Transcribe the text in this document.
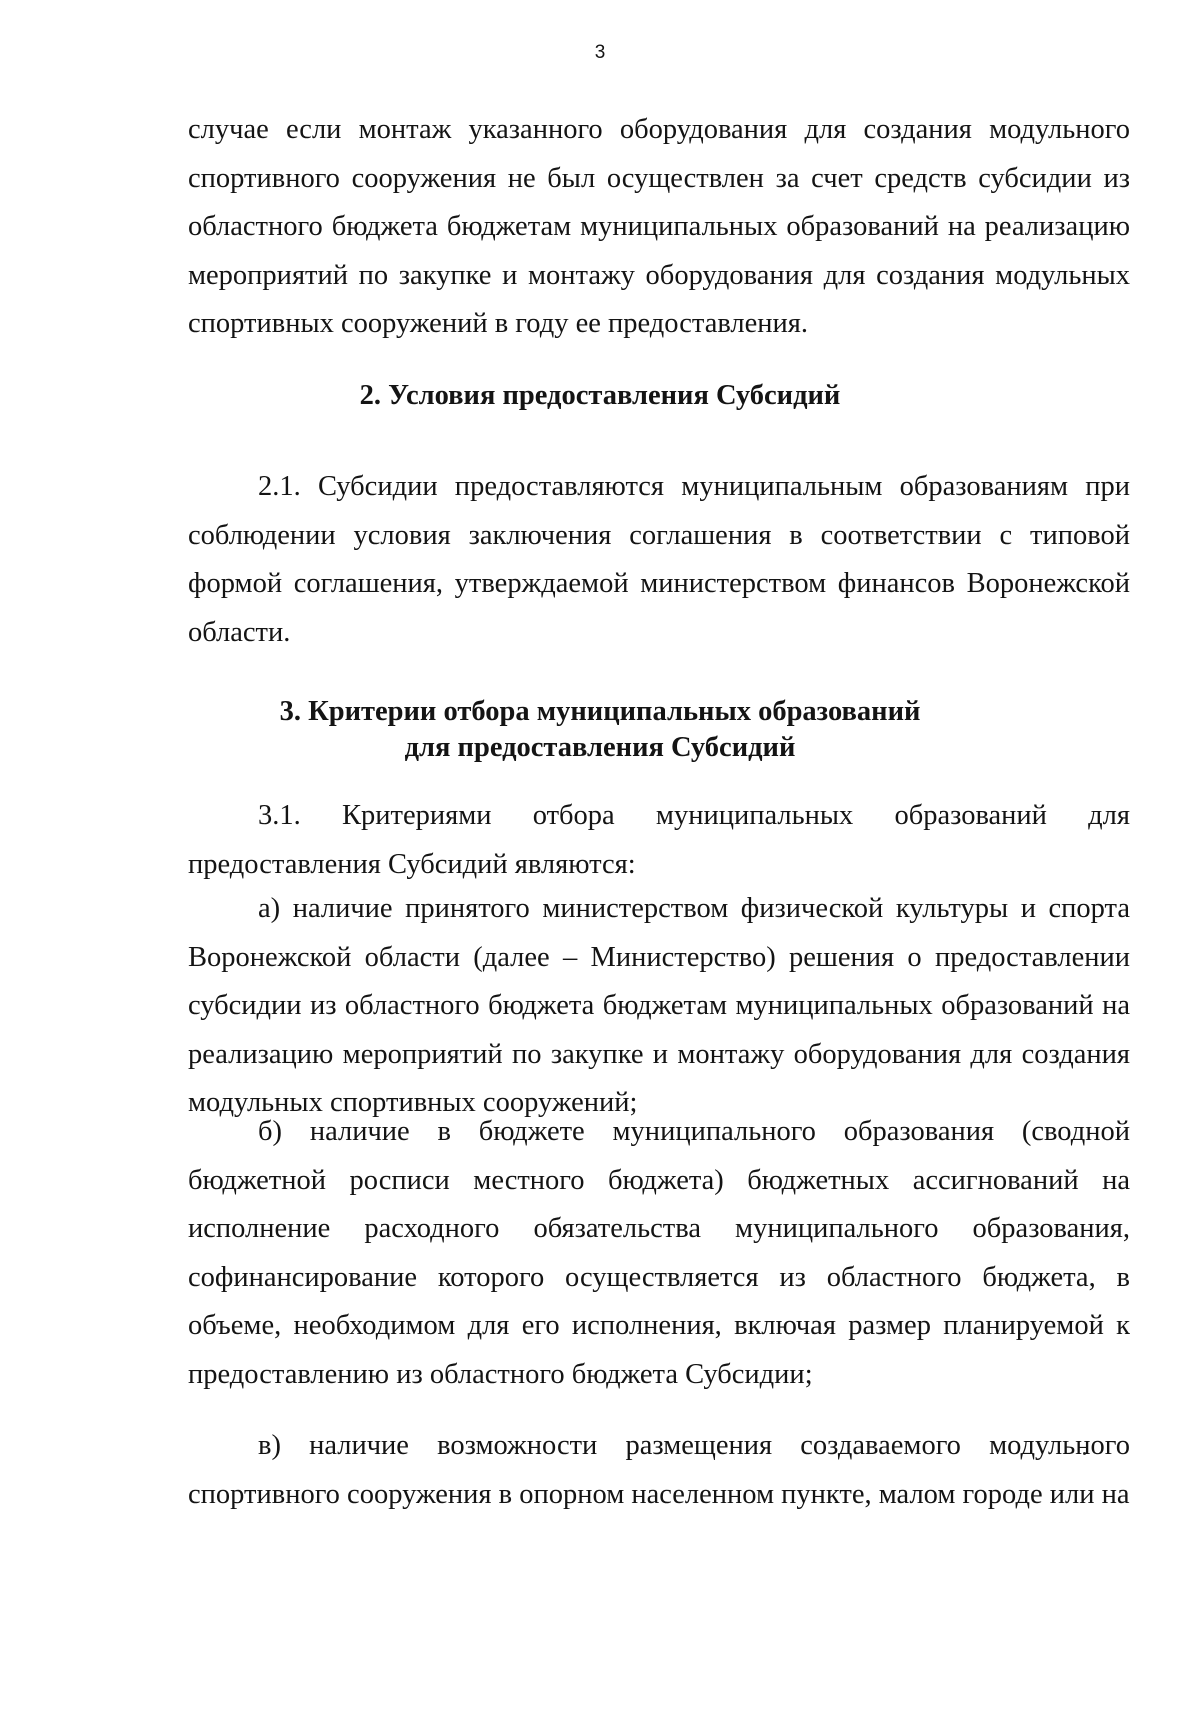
3
случае если монтаж указанного оборудования для создания модульного спортивного сооружения не был осуществлен за счет средств субсидии из областного бюджета бюджетам муниципальных образований на реализацию мероприятий по закупке и монтажу оборудования для создания модульных спортивных сооружений в году ее предоставления.
2. Условия предоставления Субсидий
2.1. Субсидии предоставляются муниципальным образованиям при соблюдении условия заключения соглашения в соответствии с типовой формой соглашения, утверждаемой министерством финансов Воронежской области.
3. Критерии отбора муниципальных образований
для предоставления Субсидий
3.1. Критериями отбора муниципальных образований для предоставления Субсидий являются:
а) наличие принятого министерством физической культуры и спорта Воронежской области (далее – Министерство) решения о предоставлении субсидии из областного бюджета бюджетам муниципальных образований на реализацию мероприятий по закупке и монтажу оборудования для создания модульных спортивных сооружений;
б) наличие в бюджете муниципального образования (сводной бюджетной росписи местного бюджета) бюджетных ассигнований на исполнение расходного обязательства муниципального образования, софинансирование которого осуществляется из областного бюджета, в объеме, необходимом для его исполнения, включая размер планируемой к предоставлению из областного бюджета Субсидии;
в) наличие возможности размещения создаваемого модульного спортивного сооружения в опорном населенном пункте, малом городе или на
